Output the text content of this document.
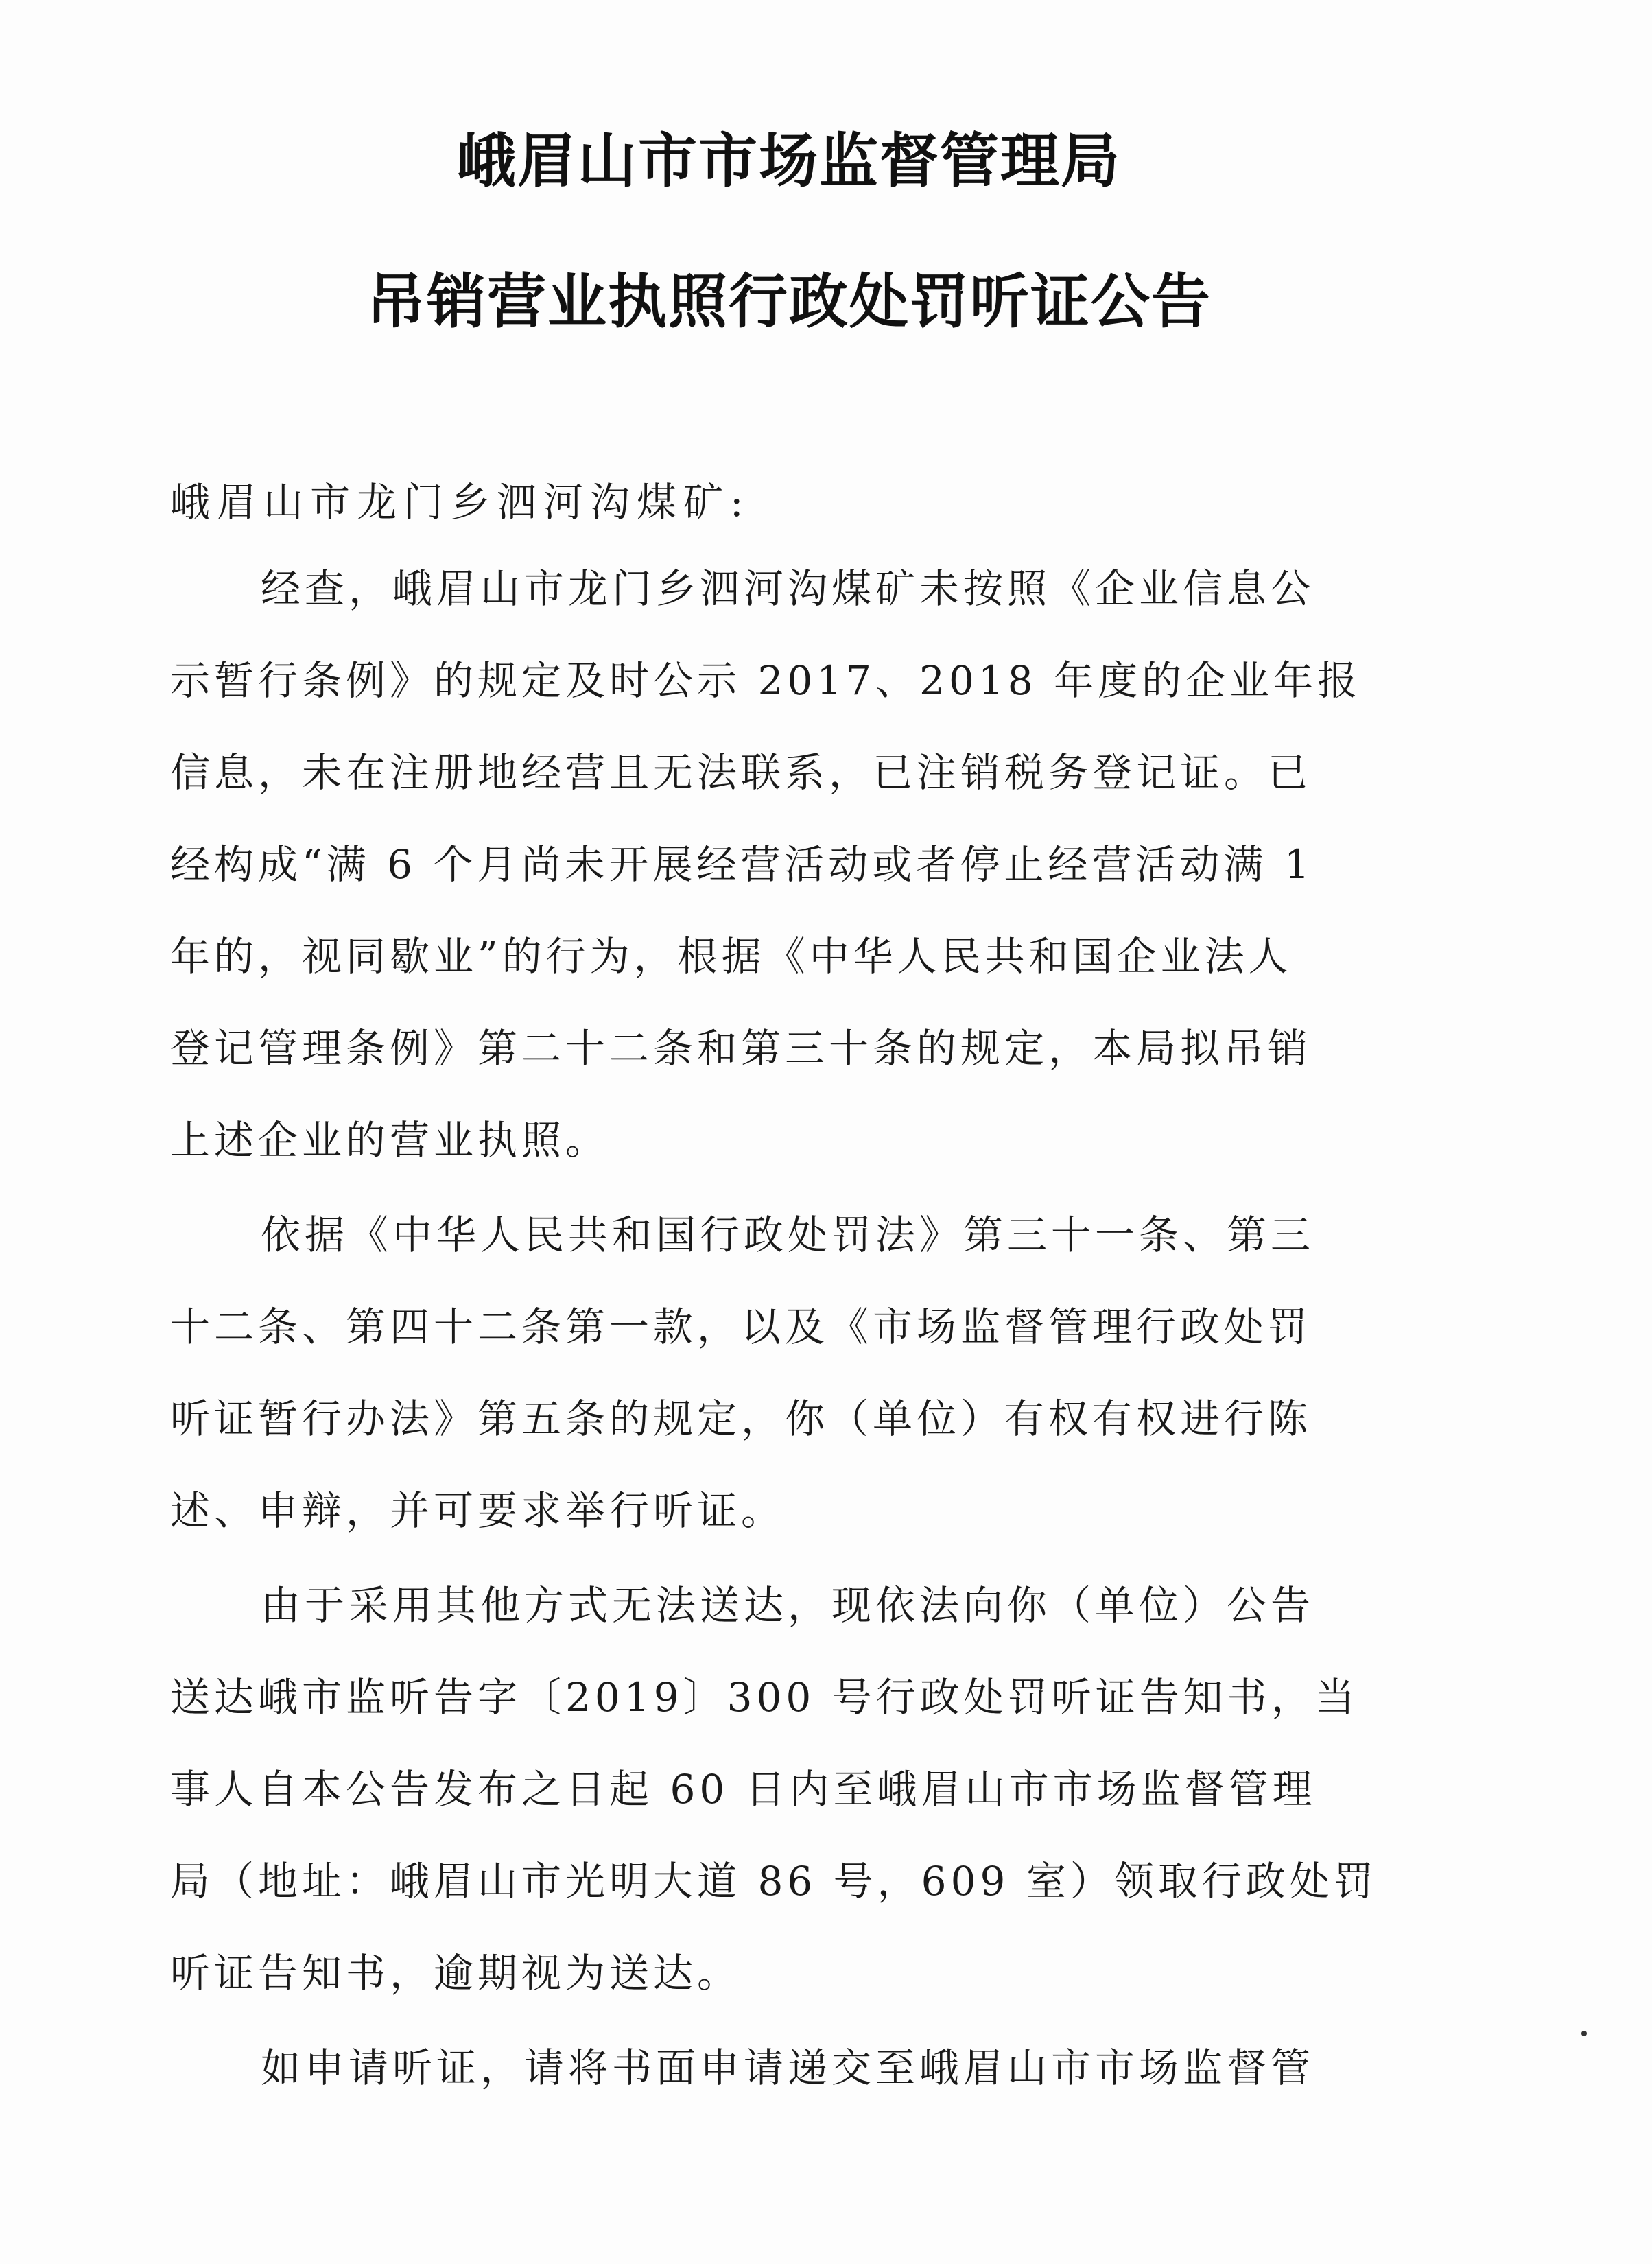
峨眉山市市场监督管理局
吊销营业执照行政处罚听证公告
峨眉山市龙门乡泗河沟煤矿:
经查，峨眉山市龙门乡泗河沟煤矿未按照《企业信息公
示暂行条例》的规定及时公示 2017、2018 年度的企业年报
信息，未在注册地经营且无法联系，已注销税务登记证。已
经构成“满 6 个月尚未开展经营活动或者停止经营活动满 1
年的，视同歇业”的行为，根据《中华人民共和国企业法人
登记管理条例》第二十二条和第三十条的规定，本局拟吊销
上述企业的营业执照。
依据《中华人民共和国行政处罚法》第三十一条、第三
十二条、第四十二条第一款，以及《市场监督管理行政处罚
听证暂行办法》第五条的规定，你（单位）有权有权进行陈
述、申辩，并可要求举行听证。
由于采用其他方式无法送达，现依法向你（单位）公告
送达峨市监听告字〔2019〕300 号行政处罚听证告知书，当
事人自本公告发布之日起 60 日内至峨眉山市市场监督管理
局（地址：峨眉山市光明大道 86 号，609 室）领取行政处罚
听证告知书，逾期视为送达。
如申请听证，请将书面申请递交至峨眉山市市场监督管
